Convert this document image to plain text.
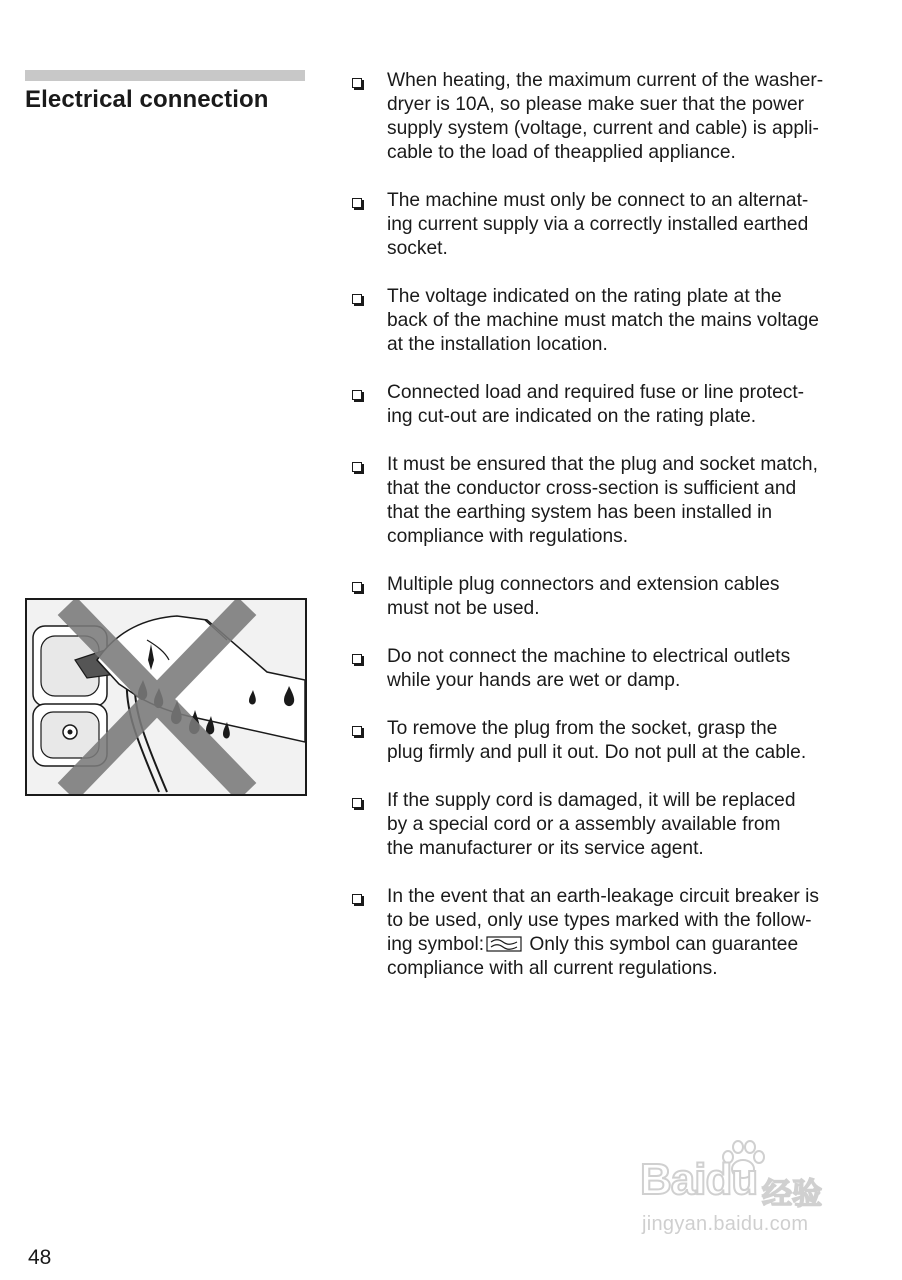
Electrical connection
When heating, the maximum current of the washer-
dryer is 10A, so please make suer that the power
supply system (voltage, current and cable) is appli-
cable to the load of theapplied appliance.
The machine must only be connect to an alternat-
ing current supply via a correctly installed earthed
socket.
The voltage indicated on the rating plate at the
back of the machine must match the mains voltage
at the installation location.
Connected load and required fuse or line protect-
ing cut-out are indicated on the rating plate.
It must be ensured that the plug and socket match,
that the conductor cross-section is sufficient and
that the earthing system has been installed in
compliance with regulations.
Multiple plug connectors and extension cables
must not be used.
Do not connect the machine to electrical outlets
while your hands are wet or damp.
To remove the plug from the socket, grasp the
plug firmly and pull it out. Do not pull at the cable.
If the supply cord is damaged, it will be replaced
by a special cord or a assembly available from
the manufacturer or its service agent.
In the event that an earth-leakage circuit breaker is
to be used, only use types marked with the follow-
ing symbol: Only this symbol can guarantee
compliance with all current regulations.
Baidu 经验
jingyan.baidu.com
48
